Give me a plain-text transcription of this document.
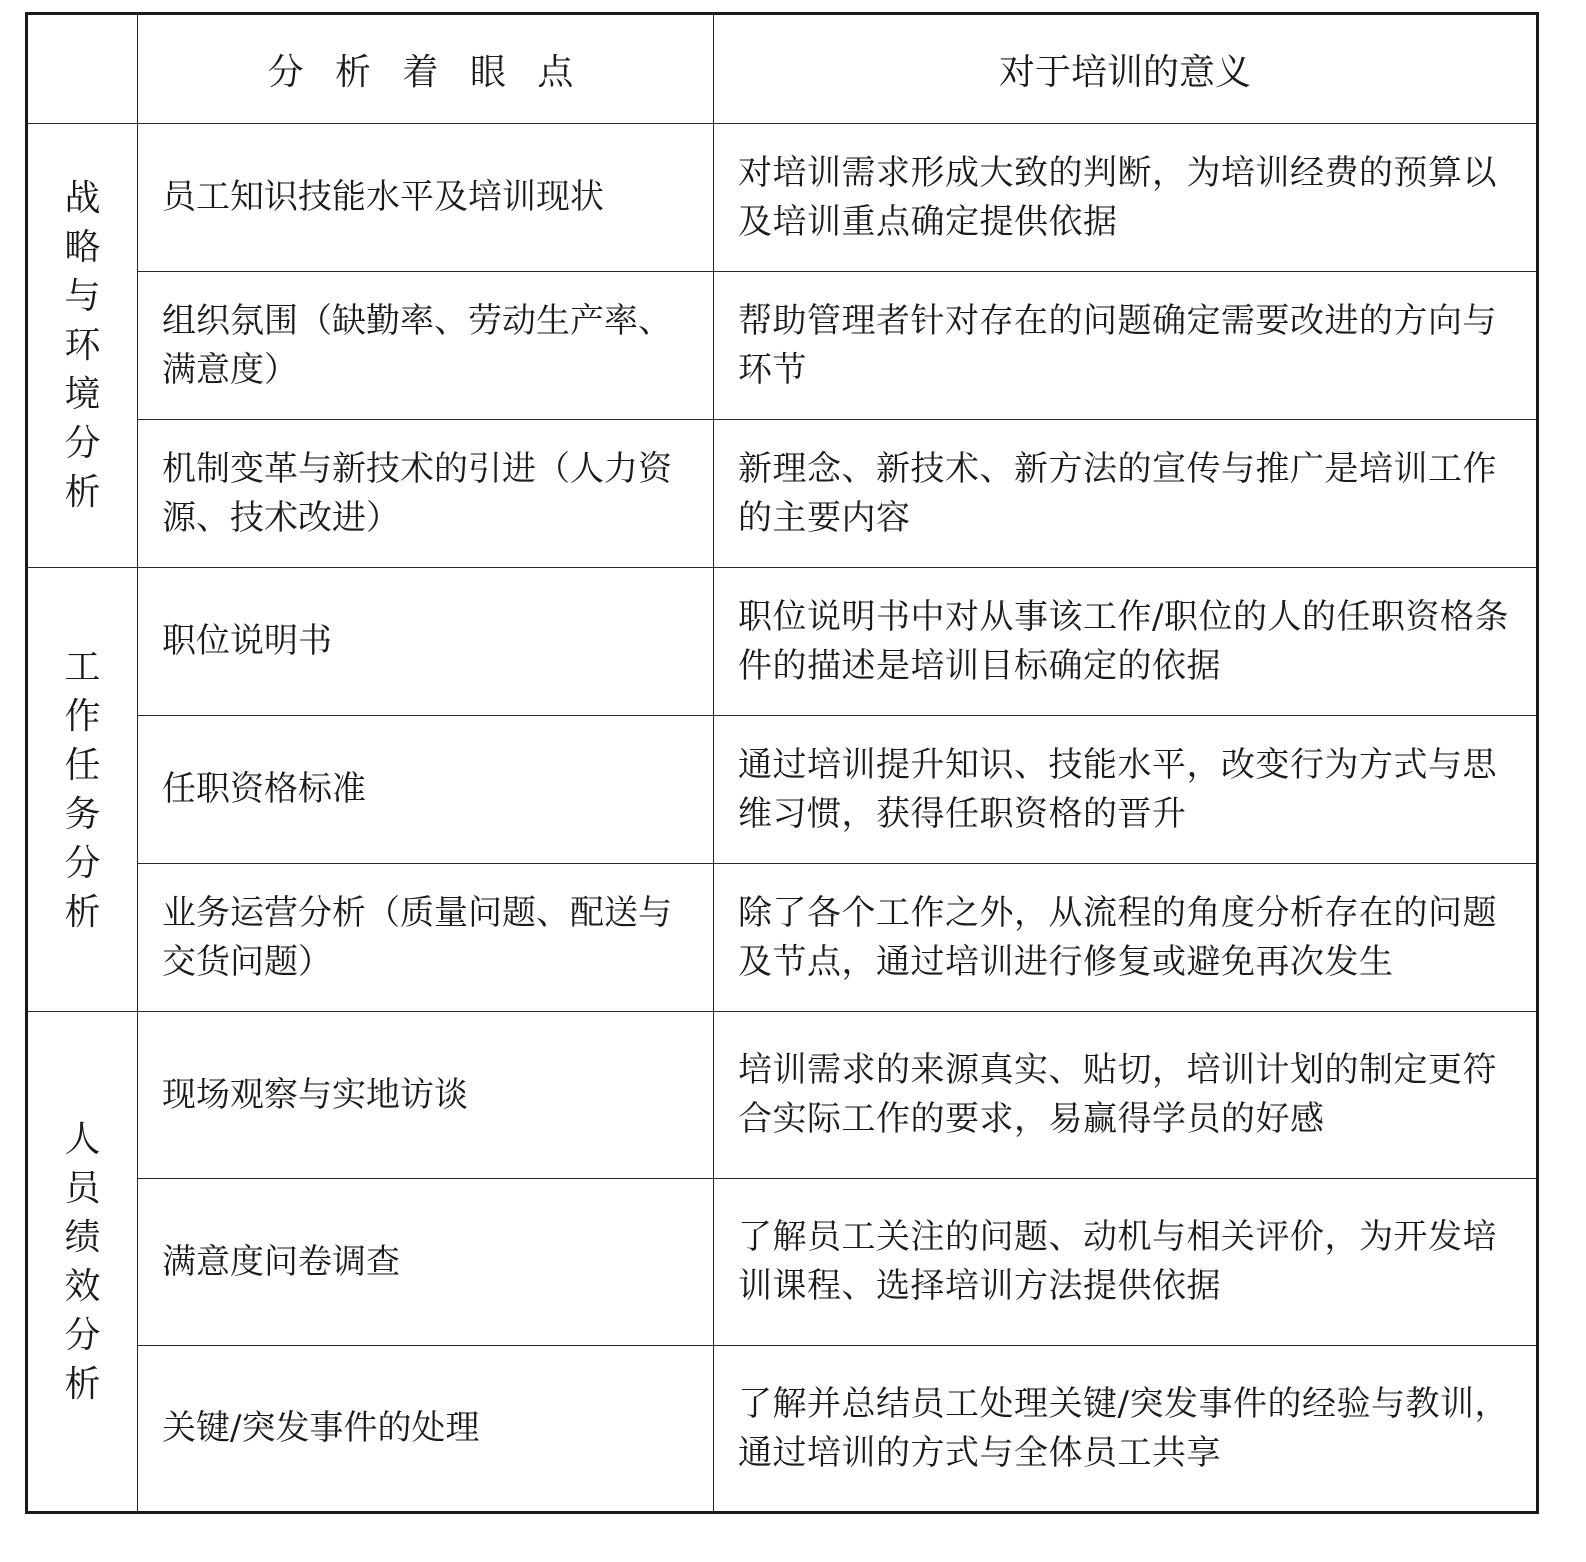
	分 析 着 眼 点	对于培训的意义
战略与环境分析	员工知识技能水平及培训现状	对培训需求形成大致的判断，为培训经费的预算以及培训重点确定提供依据
	组织氛围（缺勤率、劳动生产率、满意度）	帮助管理者针对存在的问题确定需要改进的方向与环节
	机制变革与新技术的引进（人力资源、技术改进）	新理念、新技术、新方法的宣传与推广是培训工作的主要内容
工作任务分析	职位说明书	职位说明书中对从事该工作/职位的人的任职资格条件的描述是培训目标确定的依据
	任职资格标准	通过培训提升知识、技能水平，改变行为方式与思维习惯，获得任职资格的晋升
	业务运营分析（质量问题、配送与交货问题）	除了各个工作之外，从流程的角度分析存在的问题及节点，通过培训进行修复或避免再次发生
人员绩效分析	现场观察与实地访谈	培训需求的来源真实、贴切，培训计划的制定更符合实际工作的要求，易赢得学员的好感
	满意度问卷调查	了解员工关注的问题、动机与相关评价，为开发培训课程、选择培训方法提供依据
	关键/突发事件的处理	了解并总结员工处理关键/突发事件的经验与教训，通过培训的方式与全体员工共享
